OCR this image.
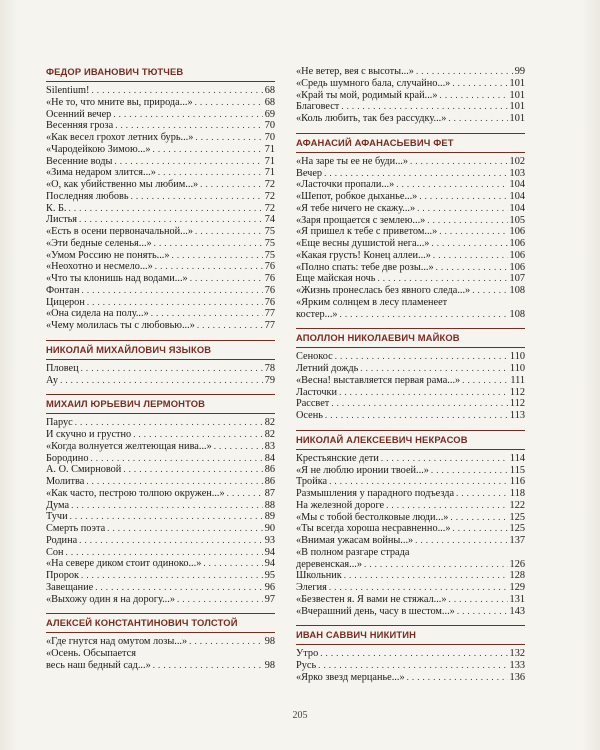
ФЕДОР ИВАНОВИЧ ТЮТЧЕВ
Silentium! . . .	68
«Не то, что мните вы, природа...» . . .	68
Осенний вечер . . .	69
Весенняя гроза . . .	70
«Как весел грохот летних бурь...» . . .	70
«Чародейкою Зимою...» . . .	71
Весенние воды . . .	71
«Зима недаром злится...» . . .	71
«О, как убийственно мы любим...» . . .	72
Последняя любовь . . .	72
К. Б. . . .	72
Листья . . .	74
«Есть в осени первоначальной...» . . .	75
«Эти бедные селенья...» . . .	75
«Умом Россию не понять...» . . .	75
«Неохотно и несмело...» . . .	76
«Что ты клонишь над водами...» . . .	76
Фонтан . . .	76
Цицерон . . .	76
«Она сидела на полу...» . . .	77
«Чему молилась ты с любовью...» . . .	77
НИКОЛАЙ МИХАЙЛОВИЧ ЯЗЫКОВ
Пловец . . .	78
Ау . . .	79
МИХАИЛ ЮРЬЕВИЧ ЛЕРМОНТОВ
Парус . . .	82
И скучно и грустно . . .	82
«Когда волнуется желтеющая нива...» . . .	83
Бородино . . .	84
А. О. Смирновой . . .	86
Молитва . . .	86
«Как часто, пестрою толпою окружен...» . . .	87
Дума . . .	88
Тучи . . .	89
Смерть поэта . . .	90
Родина . . .	93
Сон . . .	94
«На севере диком стоит одиноко...» . . .	94
Пророк . . .	95
Завещание . . .	96
«Выхожу один я на дорогу...» . . .	97
АЛЕКСЕЙ КОНСТАНТИНОВИЧ ТОЛСТОЙ
«Где гнутся над омутом лозы...» . . .	98
«Осень. Обсыпается
весь наш бедный сад...» . . .	98
«Не ветер, вея с высоты...» . . .	99
«Средь шумного бала, случайно...» . . .	101
«Край ты мой, родимый край...» . . .	101
Благовест . . .	101
«Коль любить, так без рассудку...» . . .	101
АФАНАСИЙ АФАНАСЬЕВИЧ ФЕТ
«На заре ты ее не буди...» . . .	102
Вечер . . .	103
«Ласточки пропали...» . . .	104
«Шепот, робкое дыханье...» . . .	104
«Я тебе ничего не скажу...» . . .	104
«Заря прощается с землею...» . . .	105
«Я пришел к тебе с приветом...» . . .	106
«Еще весны душистой нега...» . . .	106
«Какая грусть! Конец аллеи...» . . .	106
«Полно спать: тебе две розы...» . . .	106
Еще майская ночь . . .	107
«Жизнь пронеслась без явного следа...» . . .	108
«Ярким солнцем в лесу пламенеет
костер...» . . .	108
АПОЛЛОН НИКОЛАЕВИЧ МАЙКОВ
Сенокос . . .	110
Летний дождь . . .	110
«Весна! выставляется первая рама...» . . .	111
Ласточки . . .	112
Рассвет . . .	112
Осень . . .	113
НИКОЛАЙ АЛЕКСЕЕВИЧ НЕКРАСОВ
Крестьянские дети . . .	114
«Я не люблю иронии твоей...» . . .	115
Тройка . . .	116
Размышления у парадного подъезда . . .	118
На железной дороге . . .	122
«Мы с тобой бестолковые люди...» . . .	125
«Ты всегда хороша несравненно...» . . .	125
«Внимая ужасам войны...» . . .	137
«В полном разгаре страда
деревенская...» . . .	126
Школьник . . .	128
Элегия . . .	129
«Безвестен я. Я вами не стяжал...» . . .	131
«Вчерашний день, часу в шестом...» . . .	143
ИВАН САВВИЧ НИКИТИН
Утро . . .	132
Русь . . .	133
«Ярко звезд мерцанье...» . . .	136
205
